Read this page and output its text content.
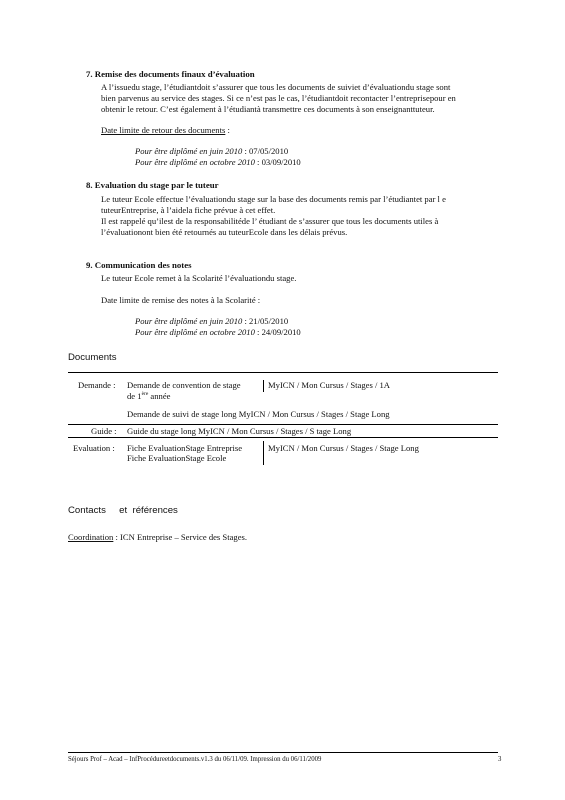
7. Remise des documents finaux d’évaluation
A l’issuedu stage, l’étudiantdoit s’assurer que tous les documents de suiviet d’évaluationdu stage sont
bien parvenus au service des stages. Si ce n’est pas le cas, l’étudiantdoit recontacter l’entreprisepour en
obtenir le retour. C’est également à l’étudiantà transmettre ces documents à son enseignanttuteur.
Date limite de retour des documents :
Pour être diplômé en juin 2010 : 07/05/2010
Pour être diplômé en octobre 2010 : 03/09/2010
8. Evaluation du stage par le tuteur
Le tuteur Ecole effectue l’évaluationdu stage sur la base des documents remis par l’étudiantet par l e
tuteurEntreprise, à l’aidela fiche prévue à cet effet.
Il est rappelé qu’ilest de la responsabilitéde l’ étudiant de s’assurer que tous les documents utiles à
l’évaluationont bien été retournés au tuteurEcole dans les délais prévus.
9. Communication des notes
Le tuteur Ecole remet à la Scolarité l’évaluationdu stage.
Date limite de remise des notes à la Scolarité :
Pour être diplômé en juin 2010 : 21/05/2010
Pour être diplômé en octobre 2010 : 24/09/2010
Documents
Demande : Demande de convention de stage
de 1ère année
MyICN / Mon Cursus / Stages / 1A
Demande de suivi de stage long MyICN / Mon Cursus / Stages / Stage Long
Guide : Guide du stage long MyICN / Mon Cursus / Stages / S tage Long
Evaluation : Fiche EvaluationStage Entreprise
Fiche EvaluationStage Ecole
MyICN / Mon Cursus / Stages / Stage Long
Contacts     et  références
Coordination : ICN Entreprise – Service des Stages.
Séjours Prof – Acad – InfProcédureetdocuments.v1.3 du 06/11/09. Impression du 06/11/2009	3
